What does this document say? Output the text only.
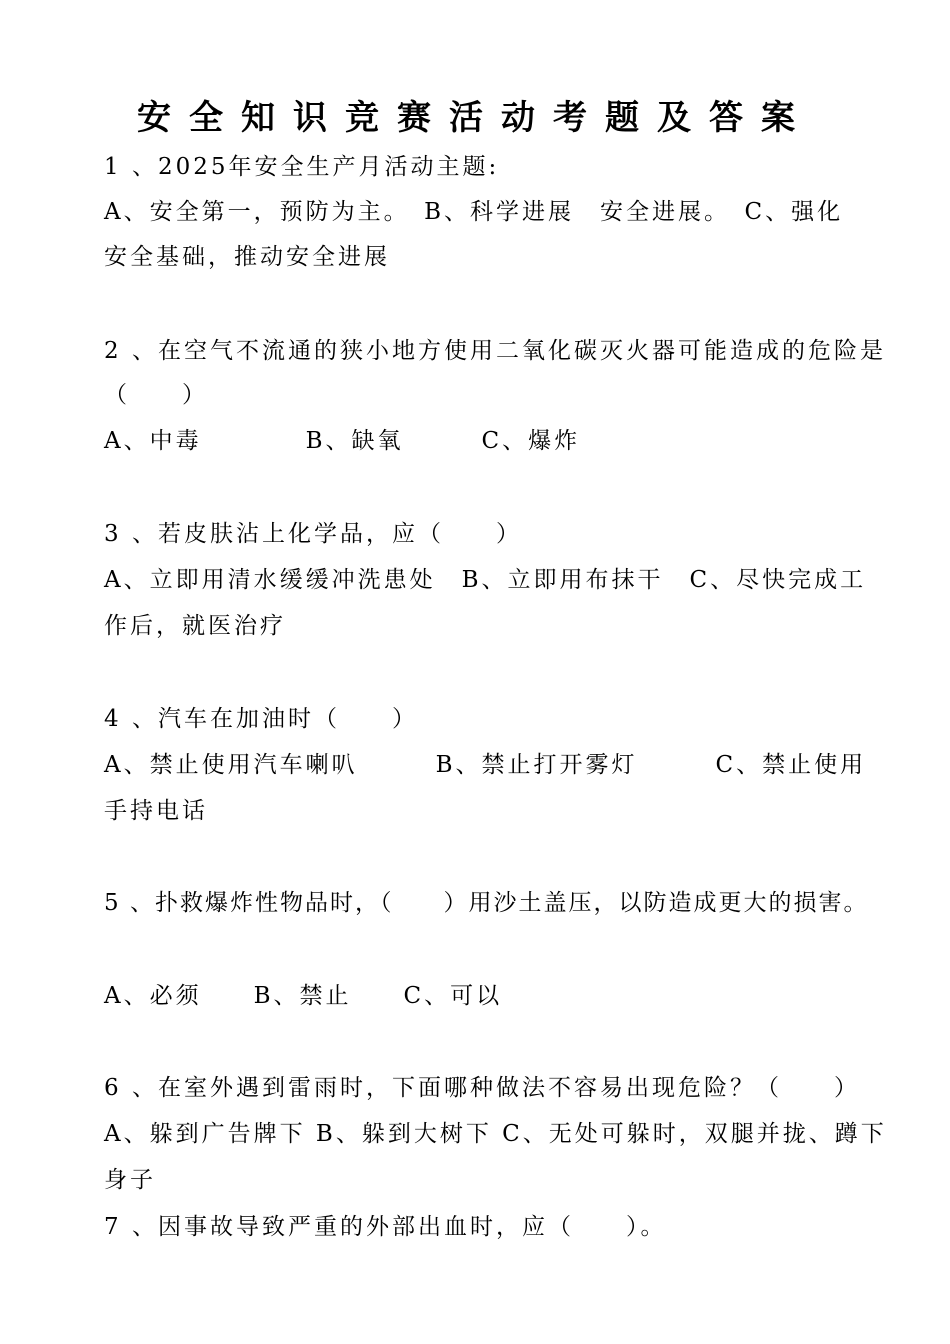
安全知识竞赛活动考题及答案
1 、2025年安全生产月活动主题:
A、安全第一，预防为主。　B、科学进展　安全进展。　C、强化
安全基础，推动安全进展
2 、在空气不流通的狭小地方使用二氧化碳灭火器可能造成的危险是
（　　）
A、中毒　　　　B、缺氧　　　C、爆炸
3 、若皮肤沾上化学品，应（　　）
A、立即用清水缓缓冲洗患处　B、立即用布抹干　C、尽快完成工
作后，就医治疗
4 、汽车在加油时（　　）
A、禁止使用汽车喇叭　　　B、禁止打开雾灯　　　C、禁止使用
手持电话
5 、扑救爆炸性物品时，（　　）用沙土盖压，以防造成更大的损害。
A、必须　　B、禁止　　C、可以
6 、在室外遇到雷雨时，下面哪种做法不容易出现危险？（　　）
A、躲到广告牌下 B、躲到大树下 C、无处可躲时，双腿并拢、蹲下
身子
7 、因事故导致严重的外部出血时，应（　　）。
